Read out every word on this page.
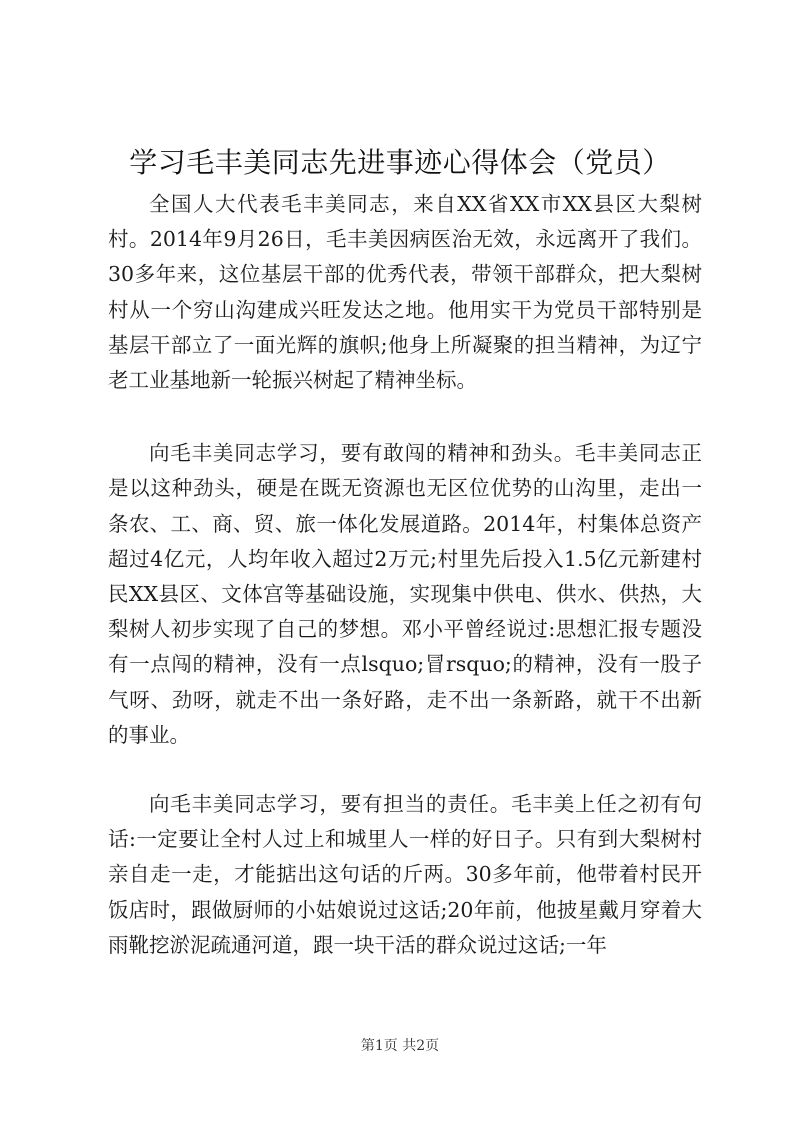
学习毛丰美同志先进事迹心得体会（党员）

全国人大代表毛丰美同志，来自XX省XX市XX县区大梨树村。2014年9月26日，毛丰美因病医治无效，永远离开了我们。30多年来，这位基层干部的优秀代表，带领干部群众，把大梨树村从一个穷山沟建成兴旺发达之地。他用实干为党员干部特别是基层干部立了一面光辉的旗帜;他身上所凝聚的担当精神，为辽宁老工业基地新一轮振兴树起了精神坐标。

向毛丰美同志学习，要有敢闯的精神和劲头。毛丰美同志正是以这种劲头，硬是在既无资源也无区位优势的山沟里，走出一条农、工、商、贸、旅一体化发展道路。2014年，村集体总资产超过4亿元，人均年收入超过2万元;村里先后投入1.5亿元新建村民XX县区、文体宫等基础设施，实现集中供电、供水、供热，大梨树人初步实现了自己的梦想。邓小平曾经说过:思想汇报专题没有一点闯的精神，没有一点lsquo;冒rsquo;的精神，没有一股子气呀、劲呀，就走不出一条好路，走不出一条新路，就干不出新的事业。

向毛丰美同志学习，要有担当的责任。毛丰美上任之初有句话:一定要让全村人过上和城里人一样的好日子。只有到大梨树村亲自走一走，才能掂出这句话的斤两。30多年前，他带着村民开饭店时，跟做厨师的小姑娘说过这话;20年前，他披星戴月穿着大雨靴挖淤泥疏通河道，跟一块干活的群众说过这话;一年

第1页 共2页
